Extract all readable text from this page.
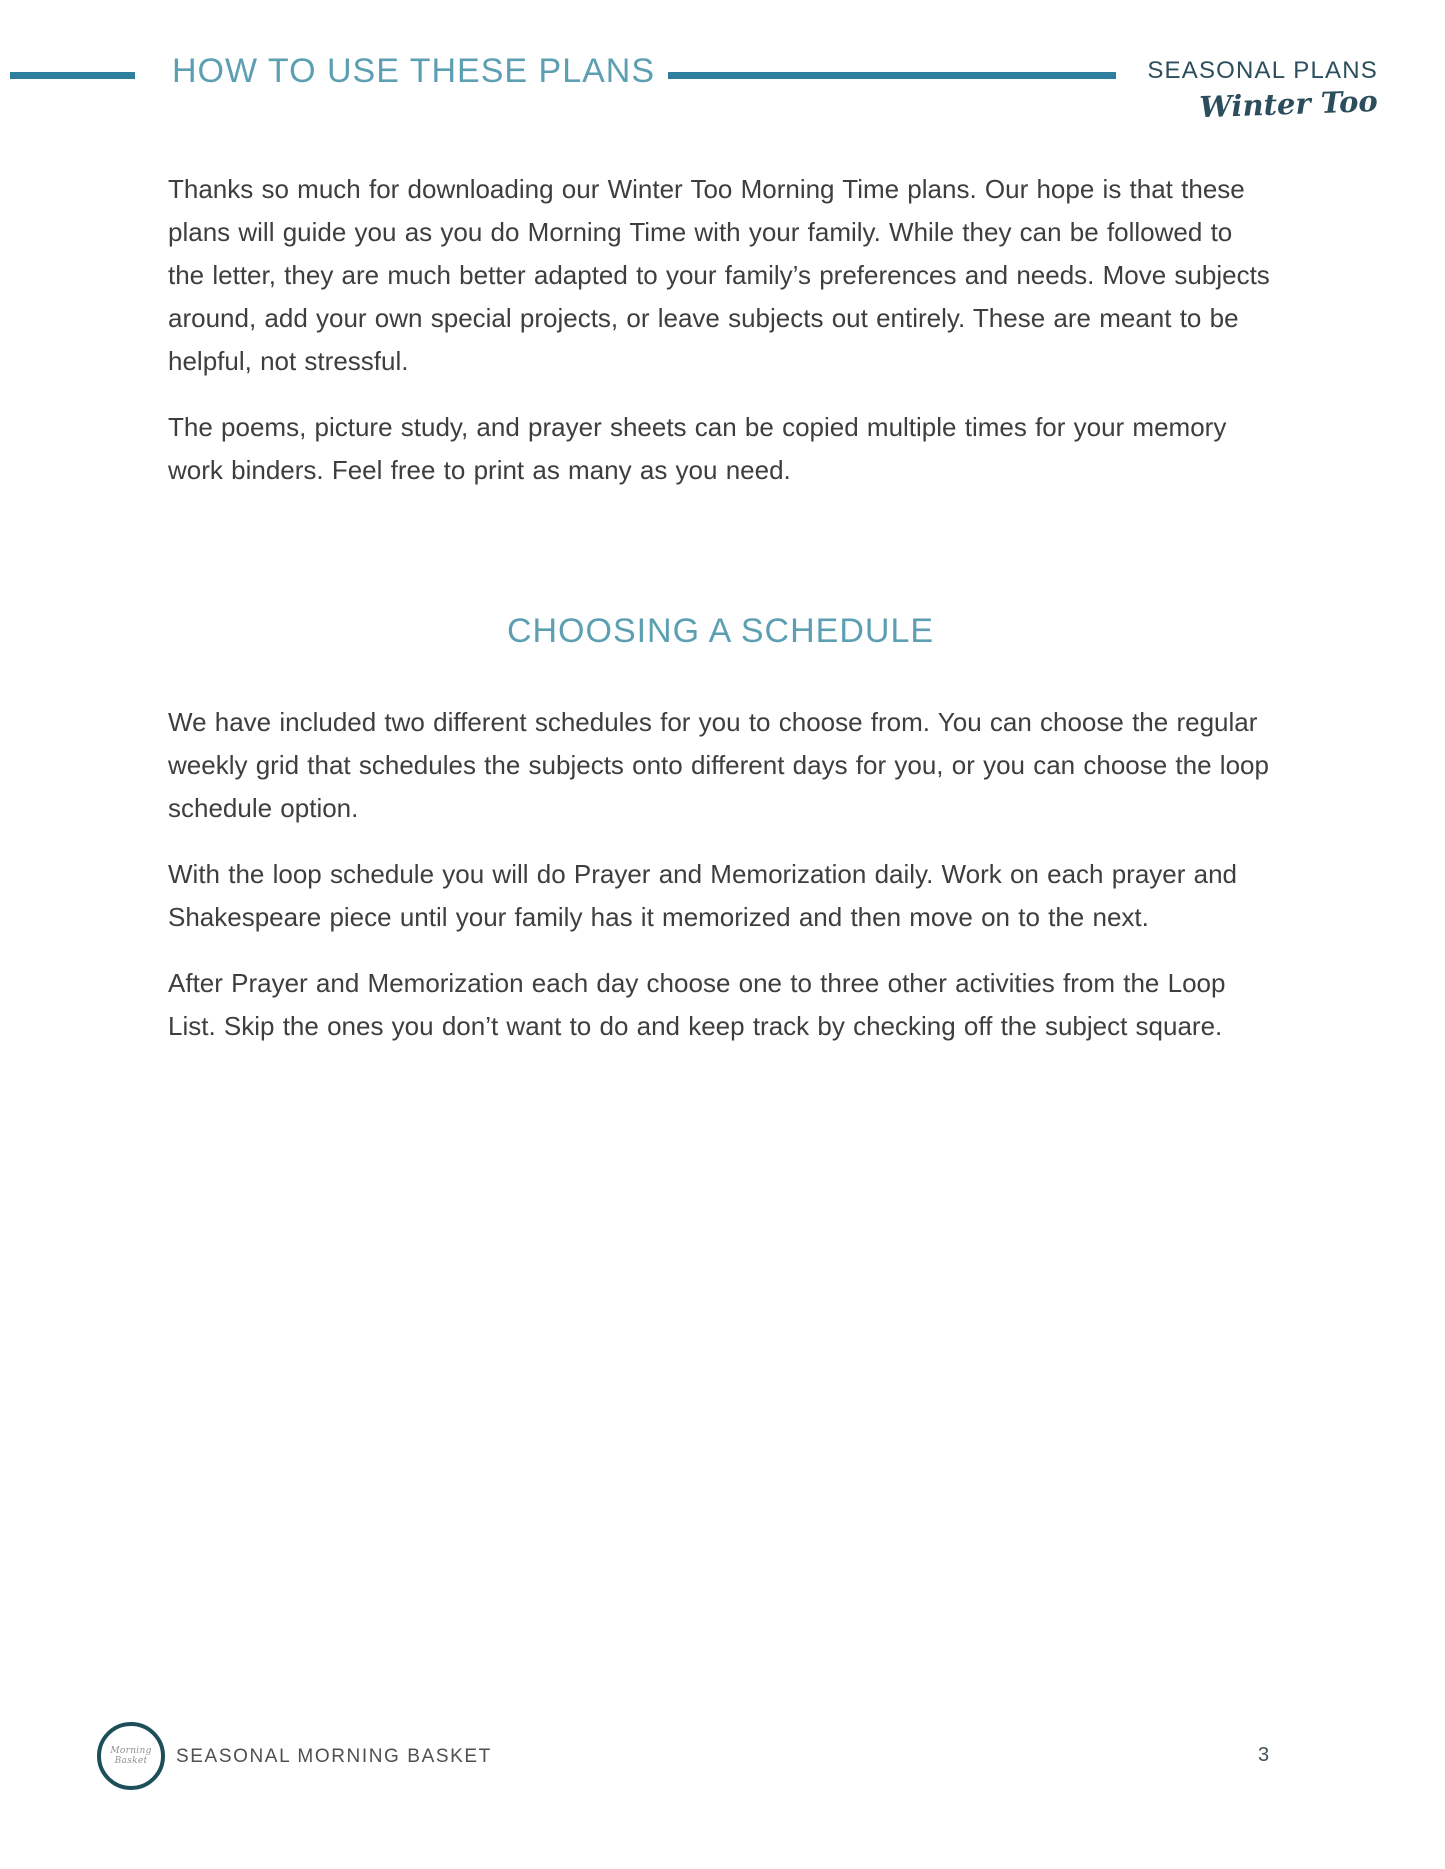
HOW TO USE THESE PLANS	SEASONAL PLANS
Winter Too

Thanks so much for downloading our Winter Too Morning Time plans. Our hope is that these plans will guide you as you do Morning Time with your family. While they can be followed to the letter, they are much better adapted to your family’s preferences and needs. Move subjects around, add your own special projects, or leave subjects out entirely. These are meant to be helpful, not stressful.

The poems, picture study, and prayer sheets can be copied multiple times for your memory work binders. Feel free to print as many as you need.

CHOOSING A SCHEDULE

We have included two different schedules for you to choose from. You can choose the regular weekly grid that schedules the subjects onto different days for you, or you can choose the loop schedule option.

With the loop schedule you will do Prayer and Memorization daily. Work on each prayer and Shakespeare piece until your family has it memorized and then move on to the next.

After Prayer and Memorization each day choose one to three other activities from the Loop List. Skip the ones you don’t want to do and keep track by checking off the subject square.

Morning Basket	SEASONAL MORNING BASKET	3
